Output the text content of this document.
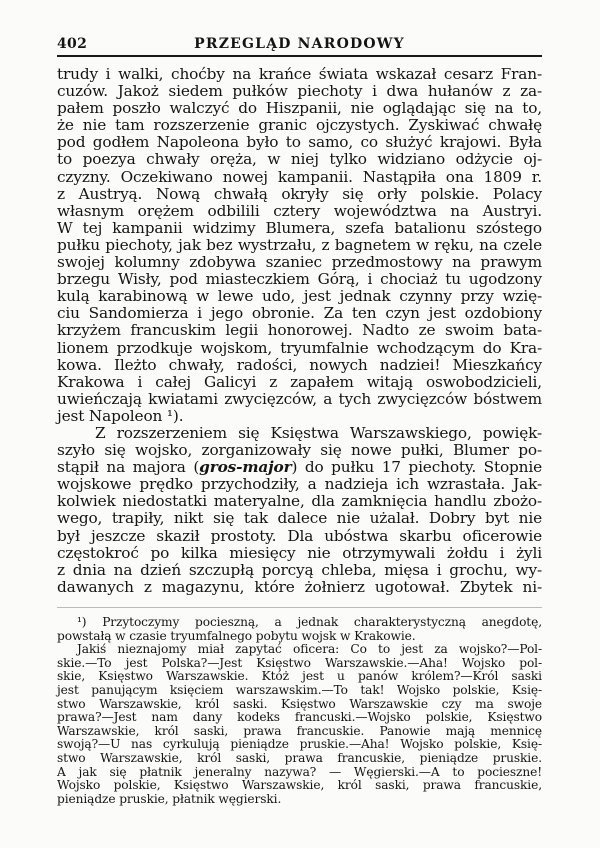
402	PRZEGLĄD NARODOWY
trudy i walki, choćby na krańce świata wskazał cesarz Fran-
cuzów. Jakoż siedem pułków piechoty i dwa hułanów z za-
pałem poszło walczyć do Hiszpanii, nie oglądając się na to,
że nie tam rozszerzenie granic ojczystych. Zyskiwać chwałę
pod godłem Napoleona było to samo, co służyć krajowi. Była
to poezya chwały oręża, w niej tylko widziano odżycie oj-
czyzny. Oczekiwano nowej kampanii. Nastąpiła ona 1809 r.
z Austryą. Nową chwałą okryły się orły polskie. Polacy
własnym orężem odbilili cztery województwa na Austryi.
W tej kampanii widzimy Blumera, szefa batalionu szóstego
pułku piechoty, jak bez wystrzału, z bagnetem w ręku, na czele
swojej kolumny zdobywa szaniec przedmostowy na prawym
brzegu Wisły, pod miasteczkiem Górą, i chociaż tu ugodzony
kulą karabinową w lewe udo, jest jednak czynny przy wzię-
ciu Sandomierza i jego obronie. Za ten czyn jest ozdobiony
krzyżem francuskim legii honorowej. Nadto ze swoim bata-
lionem przodkuje wojskom, tryumfalnie wchodzącym do Kra-
kowa. Ileżto chwały, radości, nowych nadziei! Mieszkańcy
Krakowa i całej Galicyi z zapałem witają oswobodzicieli,
uwieńczają kwiatami zwycięzców, a tych zwycięzców bóstwem
jest Napoleon ¹).
Z rozszerzeniem się Księstwa Warszawskiego, powięk-
szyło się wojsko, zorganizowały się nowe pułki, Blumer po-
stąpił na majora (gros-major) do pułku 17 piechoty. Stopnie
wojskowe prędko przychodziły, a nadzieja ich wzrastała. Jak-
kolwiek niedostatki materyalne, dla zamknięcia handlu zbożo-
wego, trapiły, nikt się tak dalece nie użalał. Dobry byt nie
był jeszcze skaził prostoty. Dla ubóstwa skarbu oficerowie
częstokroć po kilka miesięcy nie otrzymywali żołdu i żyli
z dnia na dzień szczupłą porcyą chleba, mięsa i grochu, wy-
dawanych z magazynu, które żołnierz ugotował. Zbytek ni-
¹) Przytoczymy pocieszną, a jednak charakterystyczną anegdotę,
powstałą w czasie tryumfalnego pobytu wojsk w Krakowie.
Jakiś nieznajomy miał zapytać oficera: Co to jest za wojsko?—Pol-
skie.—To jest Polska?—Jest Księstwo Warszawskie.—Aha! Wojsko pol-
skie, Księstwo Warszawskie. Któż jest u panów królem?—Król saski
jest panującym księciem warszawskim.—To tak! Wojsko polskie, Księ-
stwo Warszawskie, król saski. Księstwo Warszawskie czy ma swoje
prawa?—Jest nam dany kodeks francuski.—Wojsko polskie, Księstwo
Warszawskie, król saski, prawa francuskie. Panowie mają mennicę
swoją?—U nas cyrkulują pieniądze pruskie.—Aha! Wojsko polskie, Księ-
stwo Warszawskie, król saski, prawa francuskie, pieniądze pruskie.
A jak się płatnik jeneralny nazywa? — Węgierski.—A to pocieszne!
Wojsko polskie, Księstwo Warszawskie, król saski, prawa francuskie,
pieniądze pruskie, płatnik węgierski.
